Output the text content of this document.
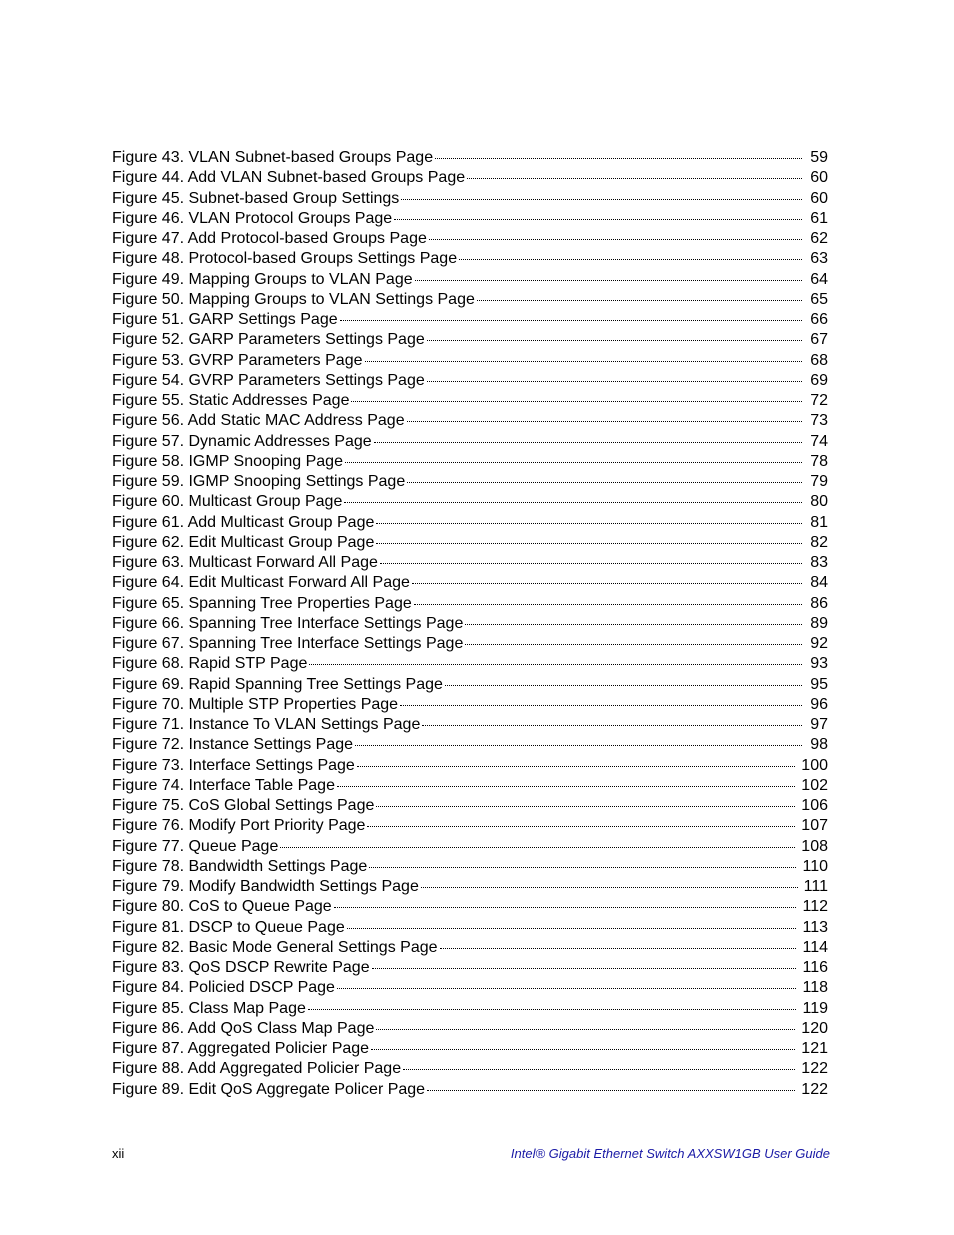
Figure 43. VLAN Subnet-based Groups Page	59
Figure 44. Add VLAN Subnet-based Groups Page	60
Figure 45. Subnet-based Group Settings	60
Figure 46. VLAN Protocol Groups Page	61
Figure 47. Add Protocol-based Groups Page	62
Figure 48. Protocol-based Groups Settings Page	63
Figure 49. Mapping Groups to VLAN Page	64
Figure 50. Mapping Groups to VLAN Settings Page	65
Figure 51. GARP Settings Page	66
Figure 52. GARP Parameters Settings Page	67
Figure 53. GVRP Parameters Page	68
Figure 54. GVRP Parameters Settings Page	69
Figure 55. Static Addresses Page	72
Figure 56. Add Static MAC Address Page	73
Figure 57. Dynamic Addresses Page	74
Figure 58. IGMP Snooping Page	78
Figure 59. IGMP Snooping Settings Page	79
Figure 60. Multicast Group Page	80
Figure 61. Add Multicast Group Page	81
Figure 62. Edit Multicast Group Page	82
Figure 63. Multicast Forward All Page	83
Figure 64. Edit Multicast Forward All Page	84
Figure 65. Spanning Tree Properties Page	86
Figure 66. Spanning Tree Interface Settings Page	89
Figure 67. Spanning Tree Interface Settings Page	92
Figure 68. Rapid STP Page	93
Figure 69. Rapid Spanning Tree Settings Page	95
Figure 70. Multiple STP Properties Page	96
Figure 71. Instance To VLAN Settings Page	97
Figure 72. Instance Settings Page	98
Figure 73. Interface Settings Page	100
Figure 74. Interface Table Page	102
Figure 75. CoS Global Settings Page	106
Figure 76. Modify Port Priority Page	107
Figure 77. Queue Page	108
Figure 78. Bandwidth Settings Page	110
Figure 79. Modify Bandwidth Settings Page	111
Figure 80. CoS to Queue Page	112
Figure 81. DSCP to Queue Page	113
Figure 82. Basic Mode General Settings Page	114
Figure 83. QoS DSCP Rewrite Page	116
Figure 84. Policied DSCP Page	118
Figure 85. Class Map Page	119
Figure 86. Add QoS Class Map Page	120
Figure 87. Aggregated Policier Page	121
Figure 88. Add Aggregated Policier Page	122
Figure 89. Edit QoS Aggregate Policer Page	122
xii	Intel® Gigabit Ethernet Switch AXXSW1GB User Guide
